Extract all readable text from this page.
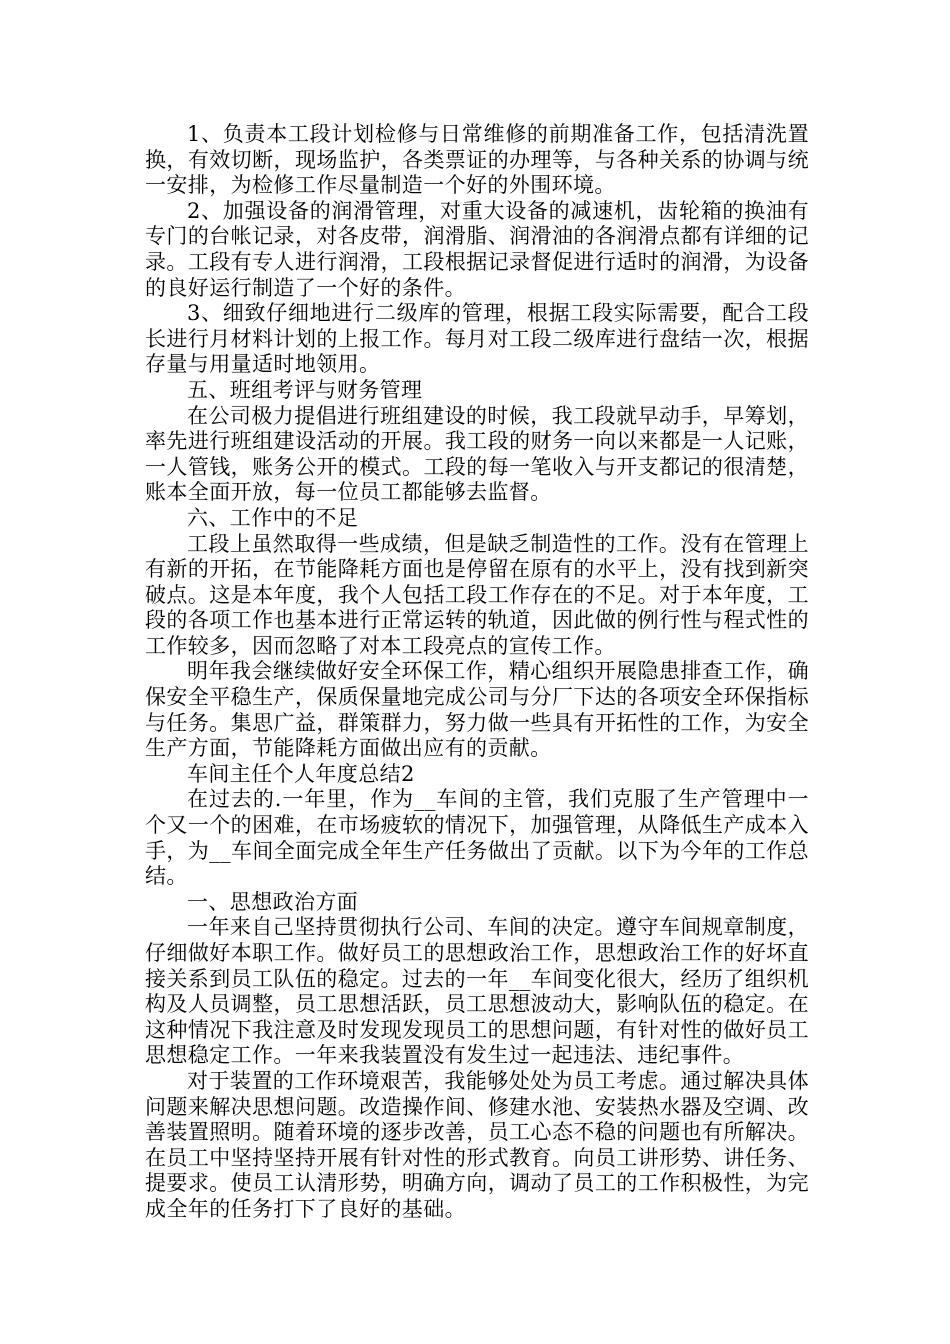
1、负责本工段计划检修与日常维修的前期准备工作，包括清洗置换，有效切断，现场监护，各类票证的办理等，与各种关系的协调与统一安排，为检修工作尽量制造一个好的外围环境。

2、加强设备的润滑管理，对重大设备的减速机，齿轮箱的换油有专门的台帐记录，对各皮带，润滑脂、润滑油的各润滑点都有详细的记录。工段有专人进行润滑，工段根据记录督促进行适时的润滑，为设备的良好运行制造了一个好的条件。

3、细致仔细地进行二级库的管理，根据工段实际需要，配合工段长进行月材料计划的上报工作。每月对工段二级库进行盘结一次，根据存量与用量适时地领用。

五、班组考评与财务管理

在公司极力提倡进行班组建设的时候，我工段就早动手，早筹划，率先进行班组建设活动的开展。我工段的财务一向以来都是一人记账，一人管钱，账务公开的模式。工段的每一笔收入与开支都记的很清楚，账本全面开放，每一位员工都能够去监督。

六、工作中的不足

工段上虽然取得一些成绩，但是缺乏制造性的工作。没有在管理上有新的开拓，在节能降耗方面也是停留在原有的水平上，没有找到新突破点。这是本年度，我个人包括工段工作存在的不足。对于本年度，工段的各项工作也基本进行正常运转的轨道，因此做的例行性与程式性的工作较多，因而忽略了对本工段亮点的宣传工作。

明年我会继续做好安全环保工作，精心组织开展隐患排查工作，确保安全平稳生产，保质保量地完成公司与分厂下达的各项安全环保指标与任务。集思广益，群策群力，努力做一些具有开拓性的工作，为安全生产方面，节能降耗方面做出应有的贡献。

车间主任个人年度总结2

在过去的.一年里，作为__车间的主管，我们克服了生产管理中一个又一个的困难，在市场疲软的情况下，加强管理，从降低生产成本入手，为__车间全面完成全年生产任务做出了贡献。以下为今年的工作总结。

一、思想政治方面

一年来自己坚持贯彻执行公司、车间的决定。遵守车间规章制度，仔细做好本职工作。做好员工的思想政治工作，思想政治工作的好坏直接关系到员工队伍的稳定。过去的一年__车间变化很大，经历了组织机构及人员调整，员工思想活跃，员工思想波动大，影响队伍的稳定。在这种情况下我注意及时发现发现员工的思想问题，有针对性的做好员工思想稳定工作。一年来我装置没有发生过一起违法、违纪事件。

对于装置的工作环境艰苦，我能够处处为员工考虑。通过解决具体问题来解决思想问题。改造操作间、修建水池、安装热水器及空调、改善装置照明。随着环境的逐步改善，员工心态不稳的问题也有所解决。在员工中坚持坚持开展有针对性的形式教育。向员工讲形势、讲任务、提要求。使员工认清形势，明确方向，调动了员工的工作积极性，为完成全年的任务打下了良好的基础。
